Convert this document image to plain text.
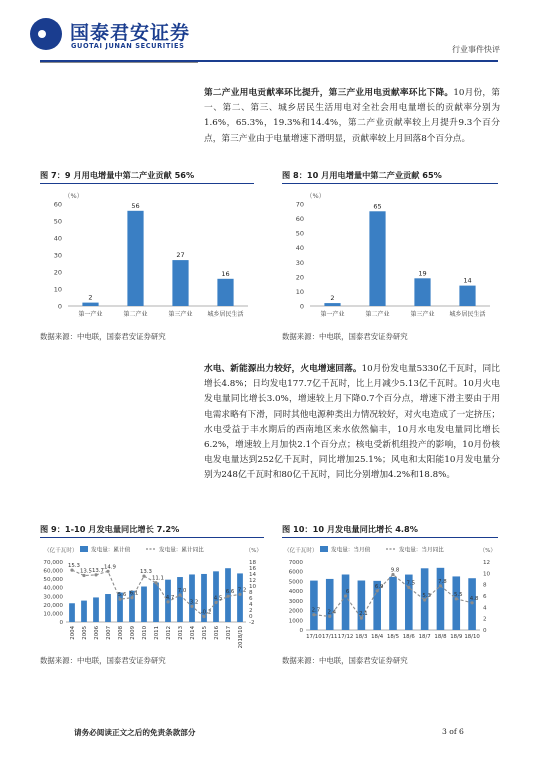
国泰君安证券
GUOTAI JUNAN SECURITIES	行业事件快评
第二产业用电贡献率环比提升，第三产业用电贡献率环比下降。10月份，第一、第二、第三、城乡居民生活用电对全社会用电量增长的贡献率分别为1.6%，65.3%，19.3%和14.4%，第二产业贡献率较上月提升9.3个百分点，第三产业由于电量增速下滑明显，贡献率较上月回落8个百分点。
图 7：9 月用电增量中第二产业贡献 56%
（%）
0
10
20
30
40
50
60
2
第一产业
56
第二产业
27
第三产业
16
城乡居民生活
数据来源：中电联，国泰君安证券研究
图 8：10 月用电增量中第二产业贡献 65%
（%）
0
10
20
30
40
50
60
70
2
第一产业
65
第二产业
19
第三产业
14
城乡居民生活
数据来源：中电联，国泰君安证券研究
水电、新能源出力较好，火电增速回落。10月份发电量5330亿千瓦时，同比增长4.8%；日均发电177.7亿千瓦时，比上月减少5.13亿千瓦时。10月火电发电量同比增长3.0%，增速较上月下降0.7个百分点，增速下滑主要由于用电需求略有下滑，同时其他电源种类出力情况较好，对火电造成了一定挤压；水电受益于丰水期后的西南地区来水依然偏丰，10月水电发电量同比增长6.2%，增速较上月加快2.1个百分点；核电受新机组投产的影响，10月份核电发电量达到252亿千瓦时，同比增加25.1%；风电和太阳能10月发电量分别为248亿千瓦时和80亿千瓦时，同比分别增加4.2%和18.8%。
图 9：1-10 月发电量同比增长 7.2%
（亿千瓦时） 发电量：累计值	发电量：累计同比	（%）
0
10,000
20,000
30,000
40,000
50,000
60,000
70,000
-2
0
2
4
6
8
10
12
14
16
18
2004 2005 2006 2007 2008 2009 2010 2011 2012 2013 2014 2015 2016 2017 2018/10
15.3
13.5 13.7
14.9
5.6 6.1
13.3
11.1
4.7
7.0
3.2
-0.2
4.5
6.6 7.2
数据来源：中电联，国泰君安证券研究
图 10：10 月发电量同比增长 4.8%
（亿千瓦时） 发电量：当月值	发电量：当月同比	（%）
0
1000
2000
3000
4000
5000
6000
7000
0
2
4
6
8
10
12
17/10 17/11 17/12 18/3 18/4 18/5 18/6 18/7 18/8 18/9 18/10
2.7 2.4
6
2.1
6.9
9.8
7.5
5.3
7.8
5.5
4.8
数据来源：中电联，国泰君安证券研究
请务必阅读正文之后的免责条款部分	3 of 6
